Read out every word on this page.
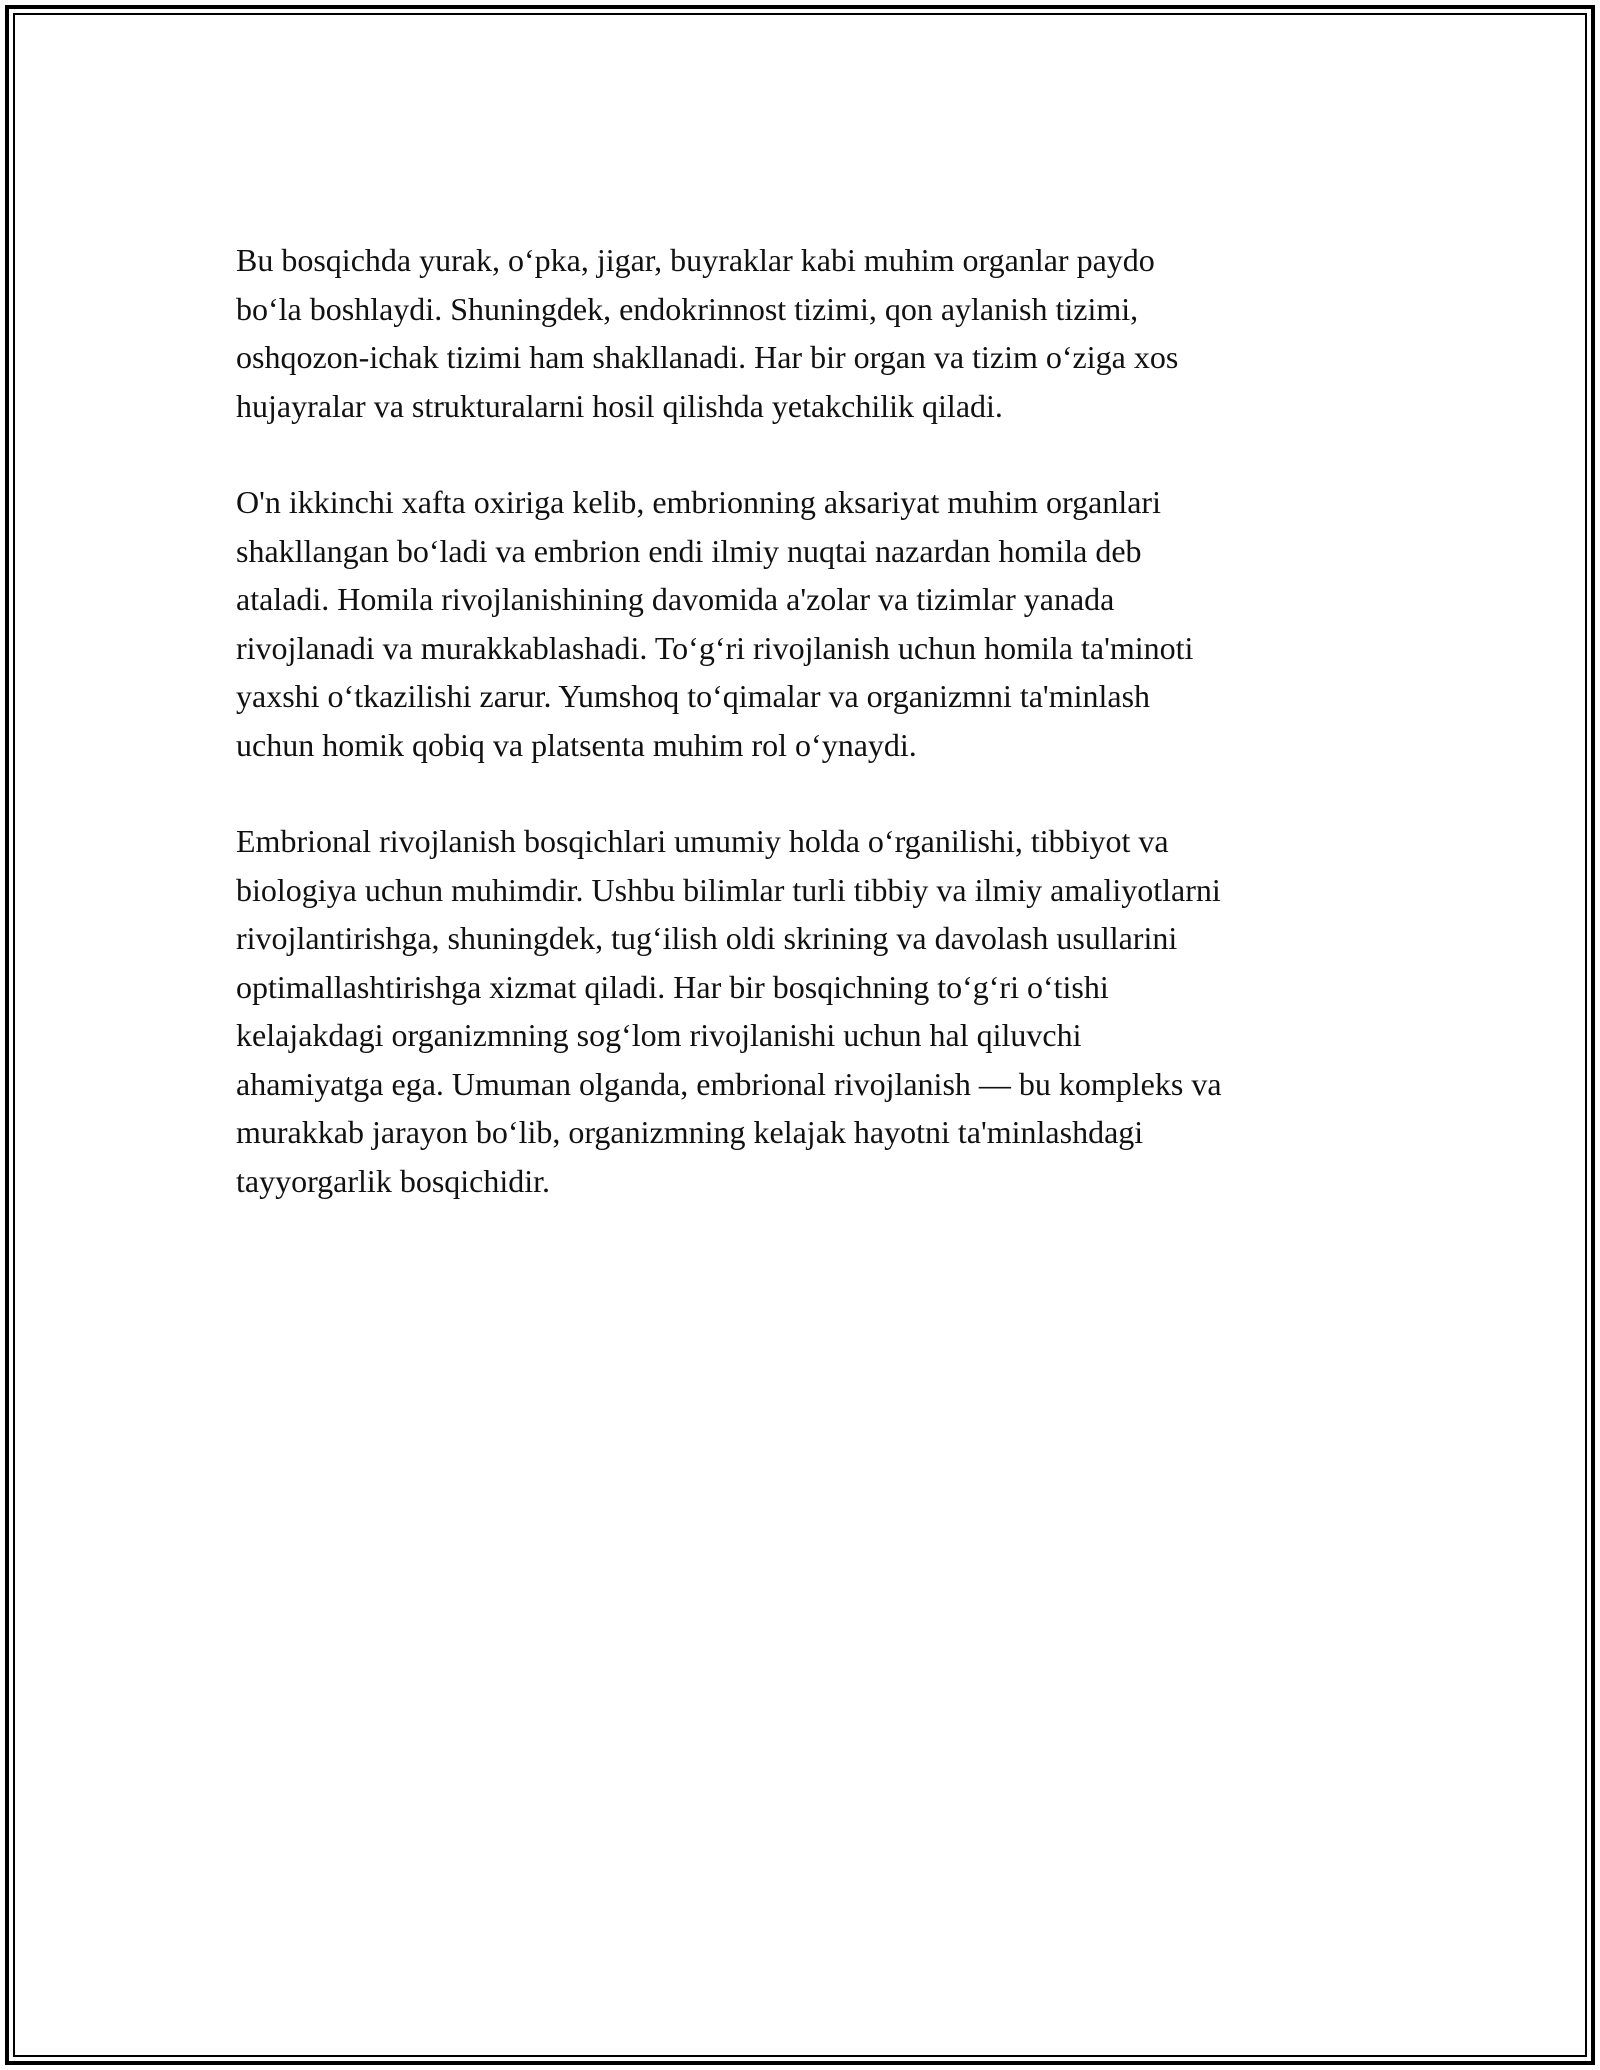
Bu bosqichda yurak, o‘pka, jigar, buyraklar kabi muhim organlar paydo
bo‘la boshlaydi. Shuningdek, endokrinnost tizimi, qon aylanish tizimi,
oshqozon-ichak tizimi ham shakllanadi. Har bir organ va tizim o‘ziga xos
hujayralar va strukturalarni hosil qilishda yetakchilik qiladi.

O'n ikkinchi xafta oxiriga kelib, embrionning aksariyat muhim organlari
shakllangan bo‘ladi va embrion endi ilmiy nuqtai nazardan homila deb
ataladi. Homila rivojlanishining davomida a'zolar va tizimlar yanada
rivojlanadi va murakkablashadi. To‘g‘ri rivojlanish uchun homila ta'minoti
yaxshi o‘tkazilishi zarur. Yumshoq to‘qimalar va organizmni ta'minlash
uchun homik qobiq va platsenta muhim rol o‘ynaydi.

Embrional rivojlanish bosqichlari umumiy holda o‘rganilishi, tibbiyot va
biologiya uchun muhimdir. Ushbu bilimlar turli tibbiy va ilmiy amaliyotlarni
rivojlantirishga, shuningdek, tug‘ilish oldi skrining va davolash usullarini
optimallashtirishga xizmat qiladi. Har bir bosqichning to‘g‘ri o‘tishi
kelajakdagi organizmning sog‘lom rivojlanishi uchun hal qiluvchi
ahamiyatga ega. Umuman olganda, embrional rivojlanish — bu kompleks va
murakkab jarayon bo‘lib, organizmning kelajak hayotni ta'minlashdagi
tayyorgarlik bosqichidir.
